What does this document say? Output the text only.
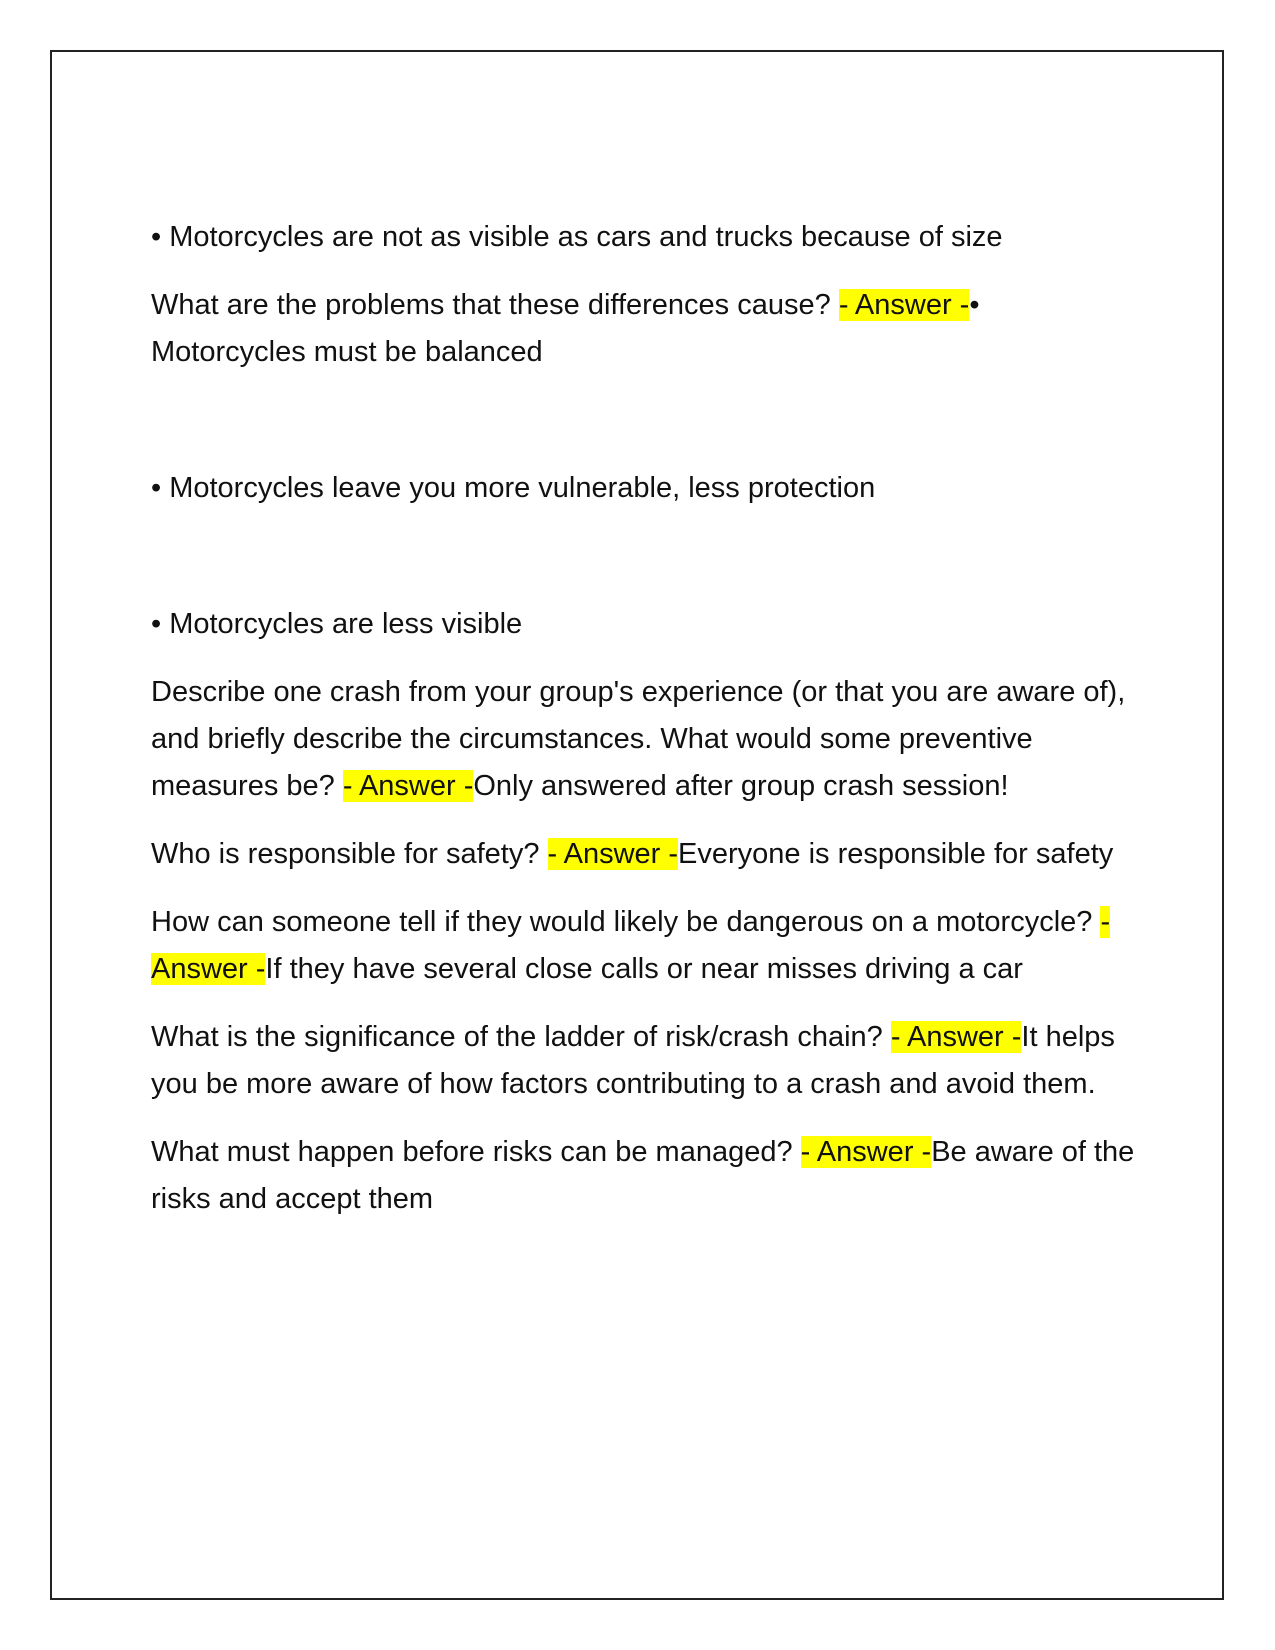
• Motorcycles are not as visible as cars and trucks because of size

What are the problems that these differences cause? - Answer -• Motorcycles must be balanced

• Motorcycles leave you more vulnerable, less protection

• Motorcycles are less visible

Describe one crash from your group's experience (or that you are aware of), and briefly describe the circumstances. What would some preventive measures be? - Answer -Only answered after group crash session!

Who is responsible for safety? - Answer -Everyone is responsible for safety

How can someone tell if they would likely be dangerous on a motorcycle? - Answer -If they have several close calls or near misses driving a car

What is the significance of the ladder of risk/crash chain? - Answer -It helps you be more aware of how factors contributing to a crash and avoid them.

What must happen before risks can be managed? - Answer -Be aware of the risks and accept them
